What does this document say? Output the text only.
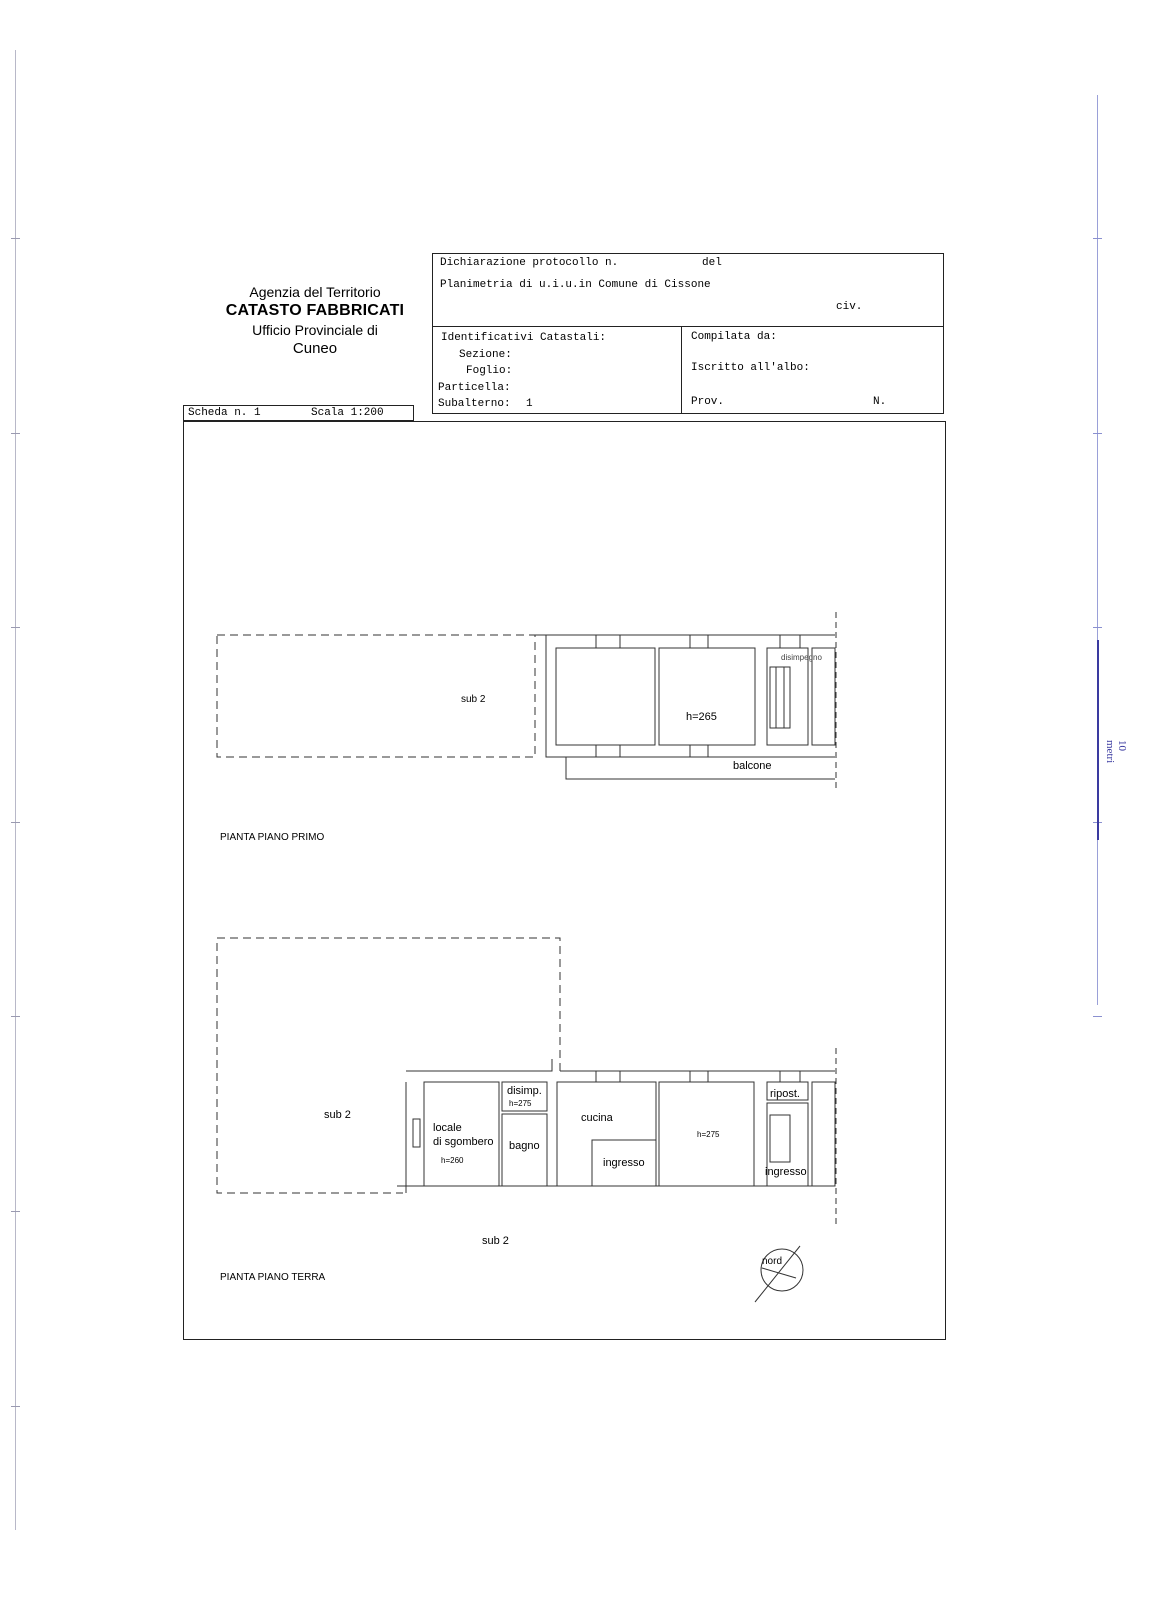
10 metri
Agenzia del Territorio
CATASTO FABBRICATI
Ufficio Provinciale di
Cuneo
Dichiarazione protocollo n.	del
Planimetria di u.i.u.in Comune di Cissone
civ.
Identificativi Catastali:
Sezione:
Foglio:
Particella:
Subalterno: 1
Compilata da:
Iscritto all'albo:
Prov.	N.
Scheda n. 1	Scala 1:200
sub 2
h=265
disimpegno
balcone
PIANTA PIANO PRIMO
sub 2
locale
di sgombero
h=260
disimp.
h=275
bagno
cucina
ingresso
h=275
ripost.
ingresso
sub 2
PIANTA PIANO TERRA
nord
